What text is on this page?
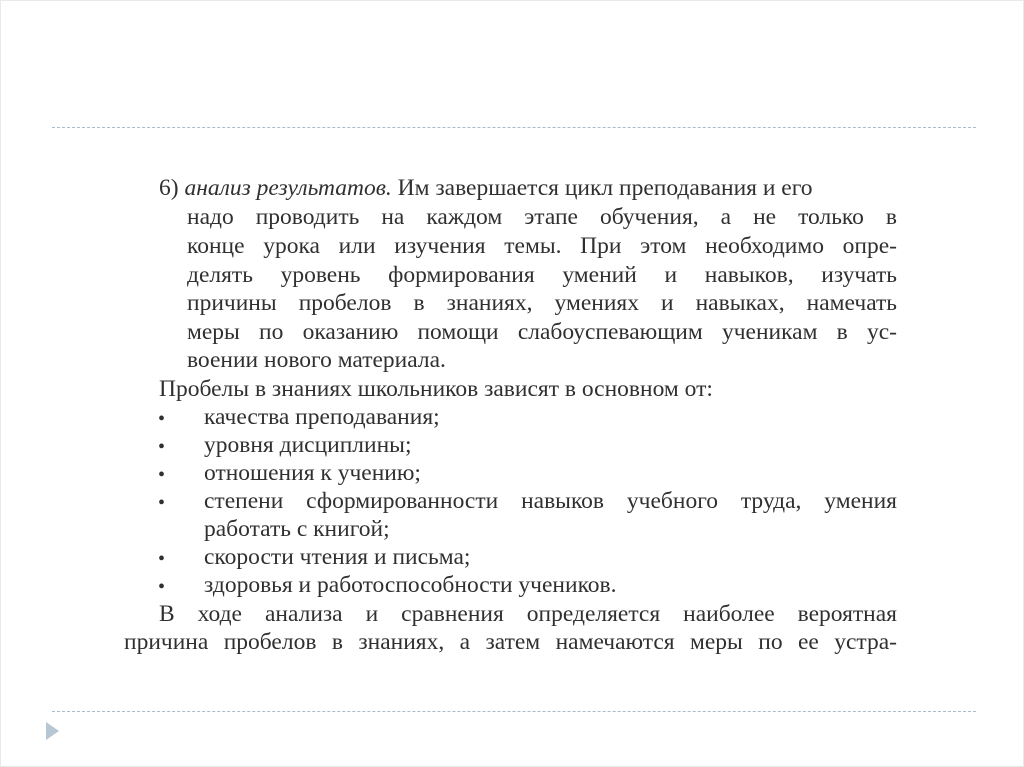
6) анализ результатов. Им завершается цикл преподавания и его
надо проводить на каждом этапе обучения, а не только в
конце урока или изучения темы. При этом необходимо опре-
делять уровень формирования умений и навыков, изучать
причины пробелов в знаниях, умениях и навыках, намечать
меры по оказанию помощи слабоуспевающим ученикам в ус-
воении нового материала.
Пробелы в знаниях школьников зависят в основном от:
• качества преподавания;
• уровня дисциплины;
• отношения к учению;
• степени сформированности навыков учебного труда, умения
работать с книгой;
• скорости чтения и письма;
• здоровья и работоспособности учеников.
В ходе анализа и сравнения определяется наиболее вероятная
причина пробелов в знаниях, а затем намечаются меры по ее устра-
